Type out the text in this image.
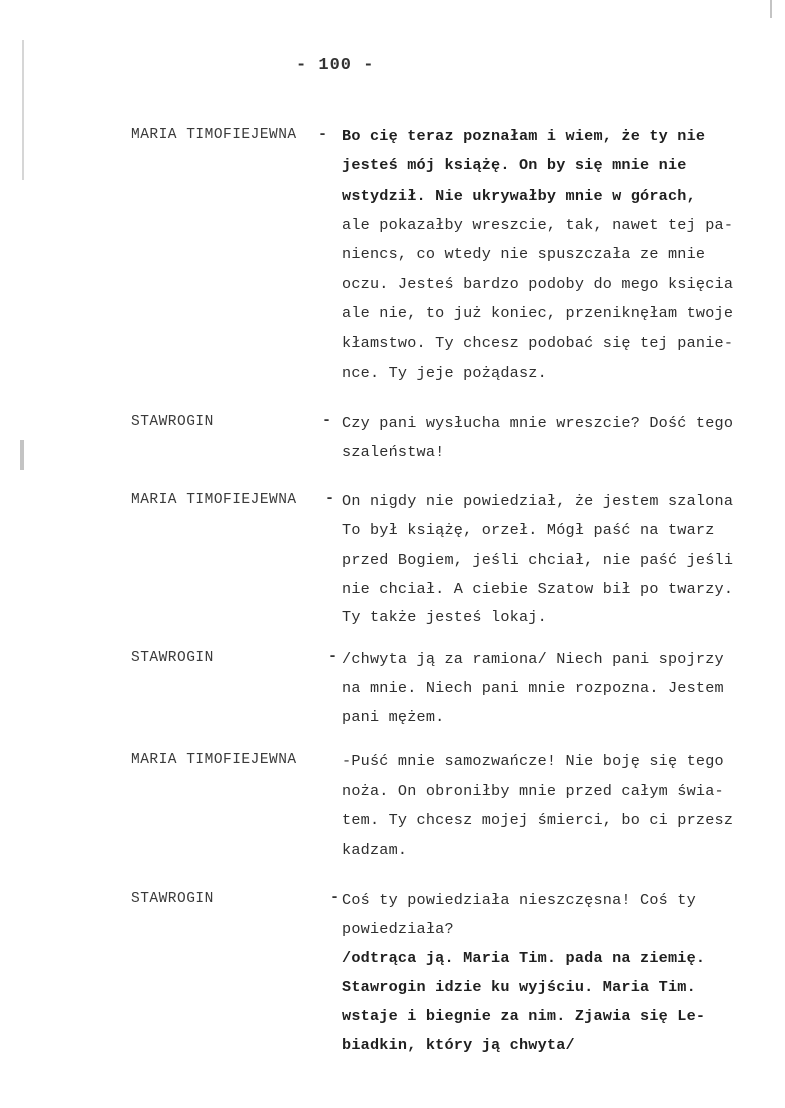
- 100 -
MARIA TIMOFIEJEWNA - Bo cię teraz poznałam i wiem, że ty nie
jesteś mój książę. On by się mnie nie
wstydził. Nie ukrywałby mnie w górach,
ale pokazałby wreszcie, tak, nawet tej pa-
niencs, co wtedy nie spuszczała ze mnie
oczu. Jesteś bardzo podoby do mego księcia
ale nie, to już koniec, przeniknęłam twoje
kłamstwo. Ty chcesz podobać się tej panie-
nce. Ty jeje pożądasz.
STAWROGIN	- Czy pani wysłucha mnie wreszcie? Dość tego
szaleństwa!
MARIA TIMOFIEJEWNA - On nigdy nie powiedział, że jestem szalona
To był książę, orzeł. Mógł paść na twarz
przed Bogiem, jeśli chciał, nie paść jeśli
nie chciał. A ciebie Szatow bił po twarzy.
Ty także jesteś lokaj.
STAWROGIN	- /chwyta ją za ramiona/ Niech pani spojrzy
na mnie. Niech pani mnie rozpozna. Jestem
pani mężem.
MARIA TIMOFIEJEWNA	-Puść mnie samozwańcze! Nie boję się tego
noża. On obroniłby mnie przed całym świa-
tem. Ty chcesz mojej śmierci, bo ci przesz
kadzam.
STAWROGIN	- Coś ty powiedziała nieszczęsna! Coś ty
powiedziała?
/odtrąca ją. Maria Tim. pada na ziemię.
Stawrogin idzie ku wyjściu. Maria Tim.
wstaje i biegnie za nim. Zjawia się Le-
biadkin, który ją chwyta/
